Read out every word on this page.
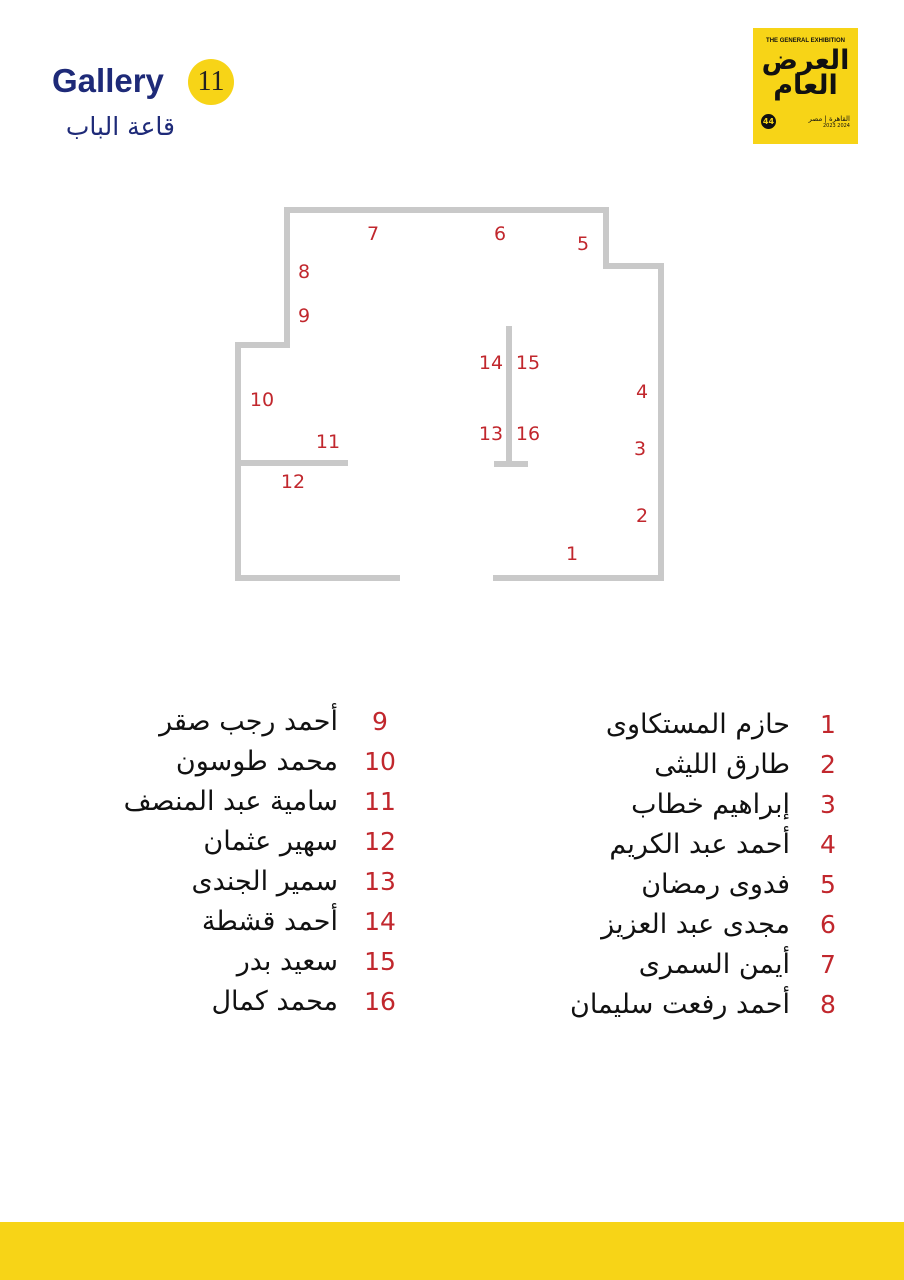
Gallery	11
قاعة الباب
THE GENERAL EXHIBITION
العرض العام
44	القاهرة | مصر
2023 2024
1
2
3
4
5
6
7
8
9
10
11
12
13
14 15
16
1
حازم المستكاوى
2
طارق الليثى
3
إبراهيم خطاب
4
أحمد عبد الكريم
5
فدوى رمضان
6
مجدى عبد العزيز
7
أيمن السمرى
8
أحمد رفعت سليمان
9
أحمد رجب صقر
10
محمد طوسون
11
سامية عبد المنصف
12
سهير عثمان
13
سمير الجندى
14
أحمد قشطة
15
سعيد بدر
16
محمد كمال
